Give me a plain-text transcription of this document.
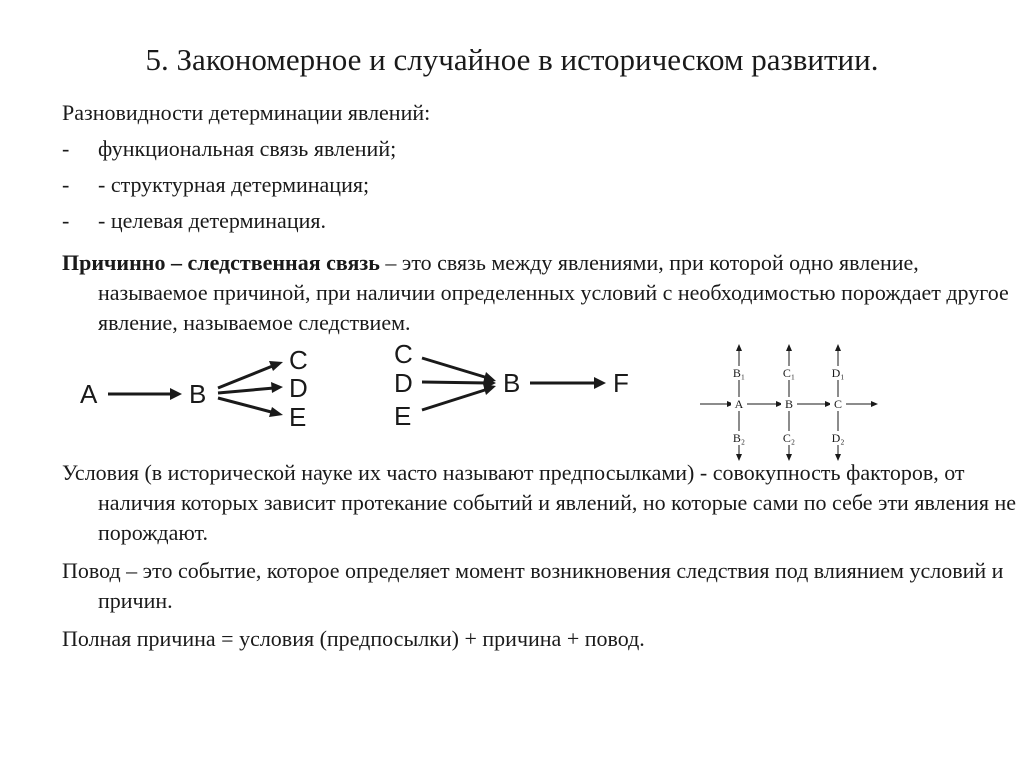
5. Закономерное и случайное в историческом развитии.
Разновидности детерминации явлений:
- функциональная связь явлений;
- - структурная детерминация;
- - целевая детерминация.
Причинно – следственная связь – это связь между явлениями, при которой одно явление, называемое причиной, при наличии определенных условий с необходимостью порождает другое явление, называемое следствием.
A	B
C
D
E
C
D
E
B	F
A	B	C
B₁	C₁	D₁
B₂	C₂	D₂
Условия (в исторической науке их часто называют предпосылками) - совокупность факторов, от наличия которых зависит протекание событий и явлений, но которые сами по себе эти явления не порождают.
Повод – это событие, которое определяет момент возникновения следствия под влиянием условий и причин.
Полная причина = условия (предпосылки) + причина + повод.
